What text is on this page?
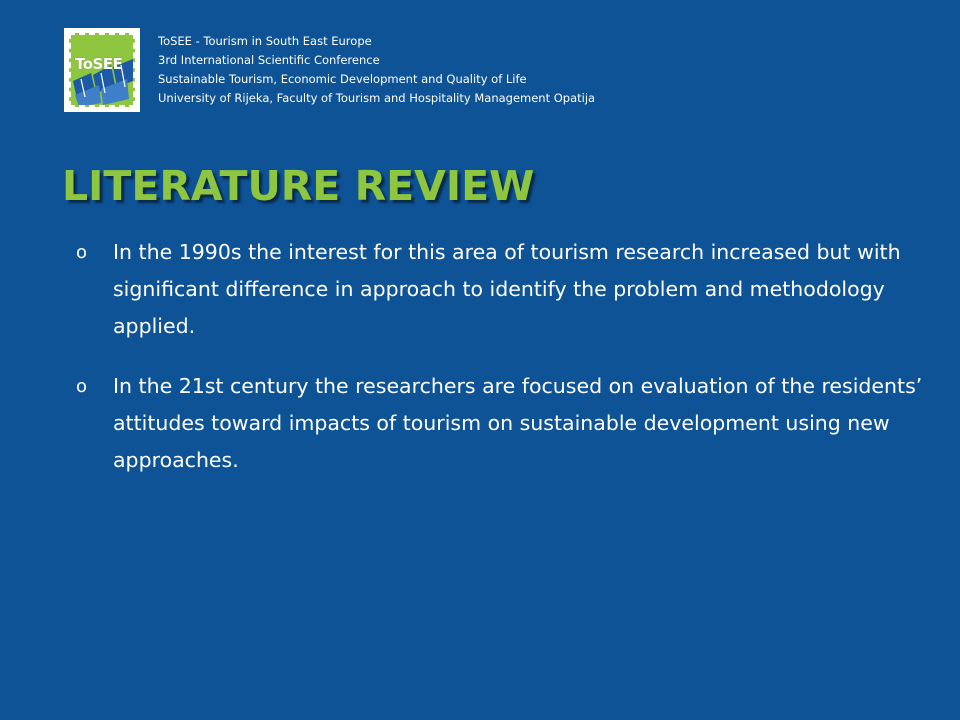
ToSEE
ToSEE - Tourism in South East Europe
3rd International Scientific Conference
Sustainable Tourism, Economic Development and Quality of Life
University of Rijeka, Faculty of Tourism and Hospitality Management Opatija
LITERATURE REVIEW
o In the 1990s the interest for this area of tourism research increased but with significant difference in approach to identify the problem and methodology applied.
o In the 21st century the researchers are focused on evaluation of the residents’ attitudes toward impacts of tourism on sustainable development using new approaches.
